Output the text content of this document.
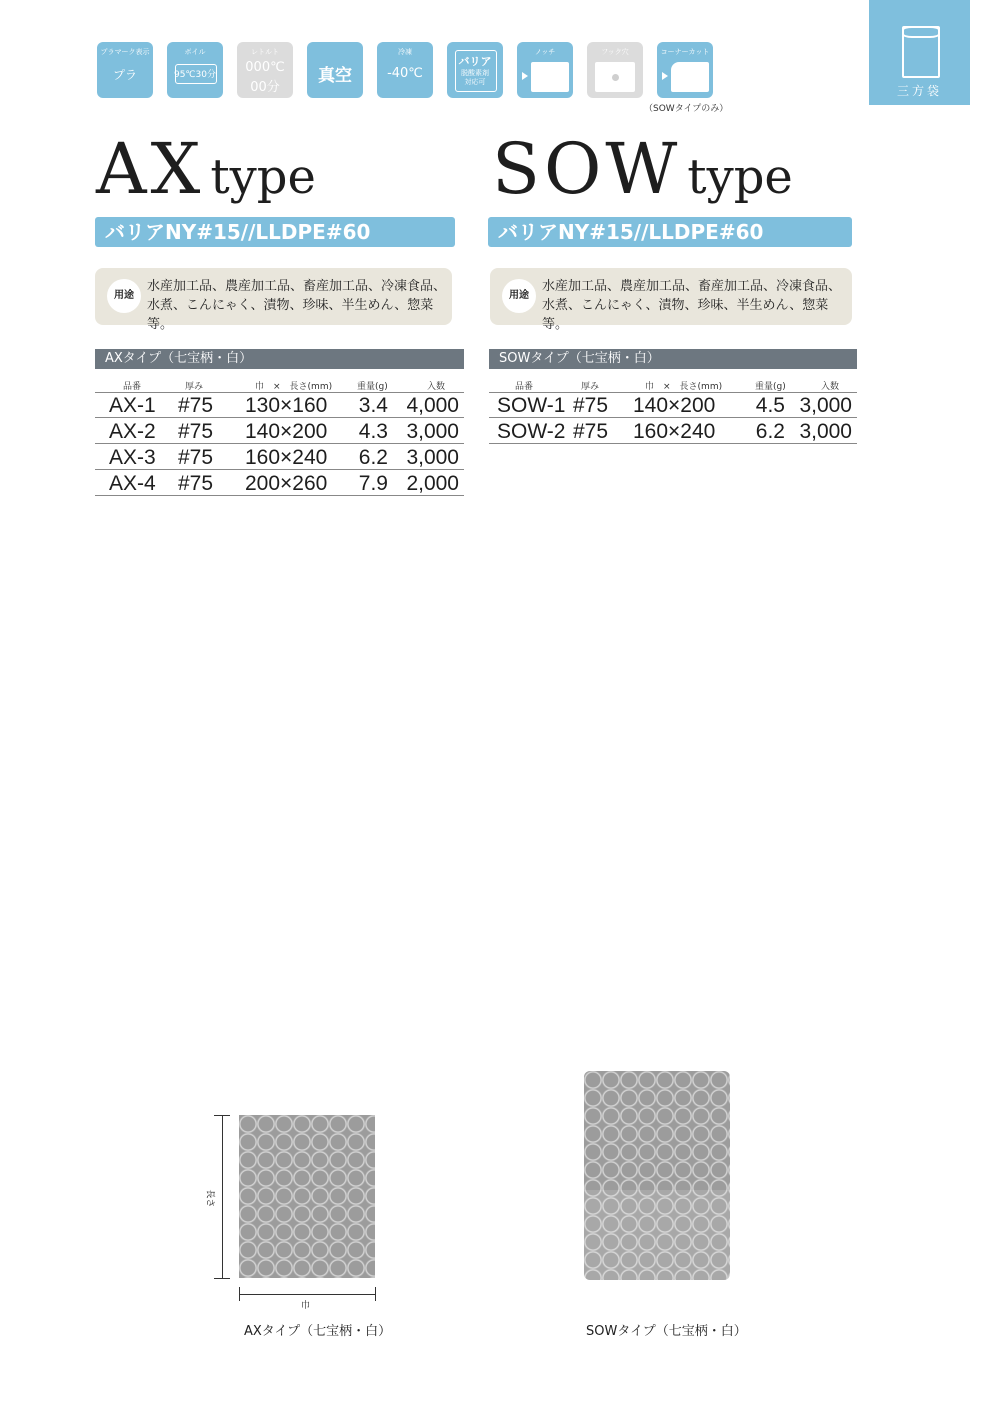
三方袋
プラマーク表示
プラ
ボイル
95℃30分
レトルト
000℃
00分
真空
冷凍
-40℃
バリア
脱酸素剤
対応可
ノッチ	フック穴	コーナーカット
（SOWタイプのみ）
AX type
バリアNY#15//LLDPE#60
用途
水産加工品、農産加工品、畜産加工品、冷凍食品、
水煮、こんにゃく、漬物、珍味、半生めん、惣菜等。
AXタイプ（七宝柄・白）
品番	厚み	巾　×　長さ(mm)	重量(g)	入数
AX-1 #75 130×160 3.4 4,000
AX-2 #75 140×200 4.3 3,000
AX-3 #75 160×240 6.2 3,000
AX-4 #75 200×260 7.9 2,000
SOW type
バリアNY#15//LLDPE#60
用途
水産加工品、農産加工品、畜産加工品、冷凍食品、
水煮、こんにゃく、漬物、珍味、半生めん、惣菜等。
SOWタイプ（七宝柄・白）
品番	厚み	巾　×　長さ(mm)	重量(g)	入数
SOW-1 #75 140×200 4.5 3,000
SOW-2 #75 160×240 6.2 3,000
長さ
巾
AXタイプ（七宝柄・白）	SOWタイプ（七宝柄・白）
